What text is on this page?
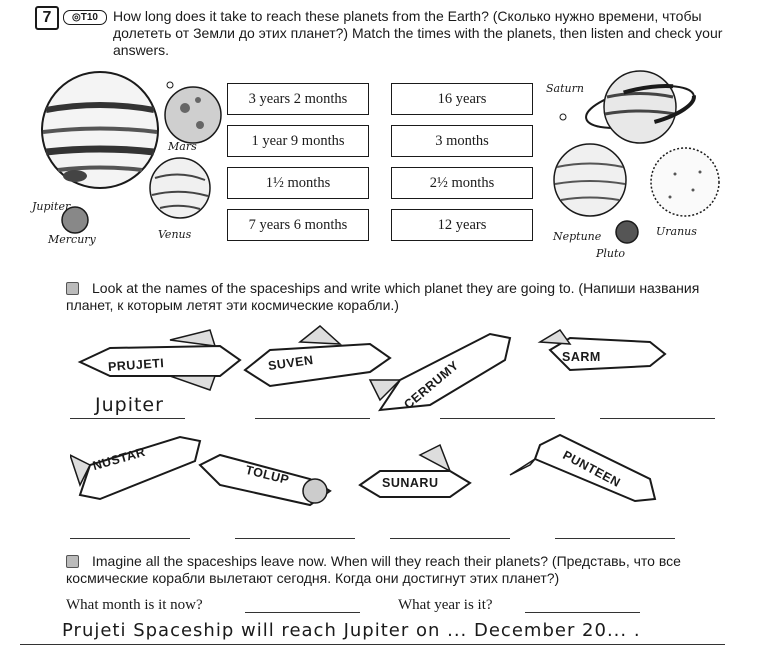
7	◎T10	How long does it take to reach these planets from the Earth? (Сколько нужно времени, чтобы долететь от Земли до этих планет?) Match the times with the planets, then listen and check your answers.
Mars
Jupiter
Mercury	Venus
3 years 2 months
1 year 9 months
1½ months
7 years 6 months
16 years
3 months
2½ months
12 years
Saturn
Neptune
Pluto
Uranus
Look at the names of the spaceships and write which planet they are going to. (Напиши названия планет, к которым летят эти космические корабли.)
PRUJETI	SUVEN	CERRUMY
SARM
Jupiter
NUSTAR
TOLUP	SUNARU	PUNTEEN
Imagine all the spaceships leave now. When will they reach their planets? (Представь, что все космические корабли вылетают сегодня. Когда они достигнут этих планет?)
What month is it now?	What year is it?
Prujeti Spaceship will reach Jupiter on ... December 20... .
